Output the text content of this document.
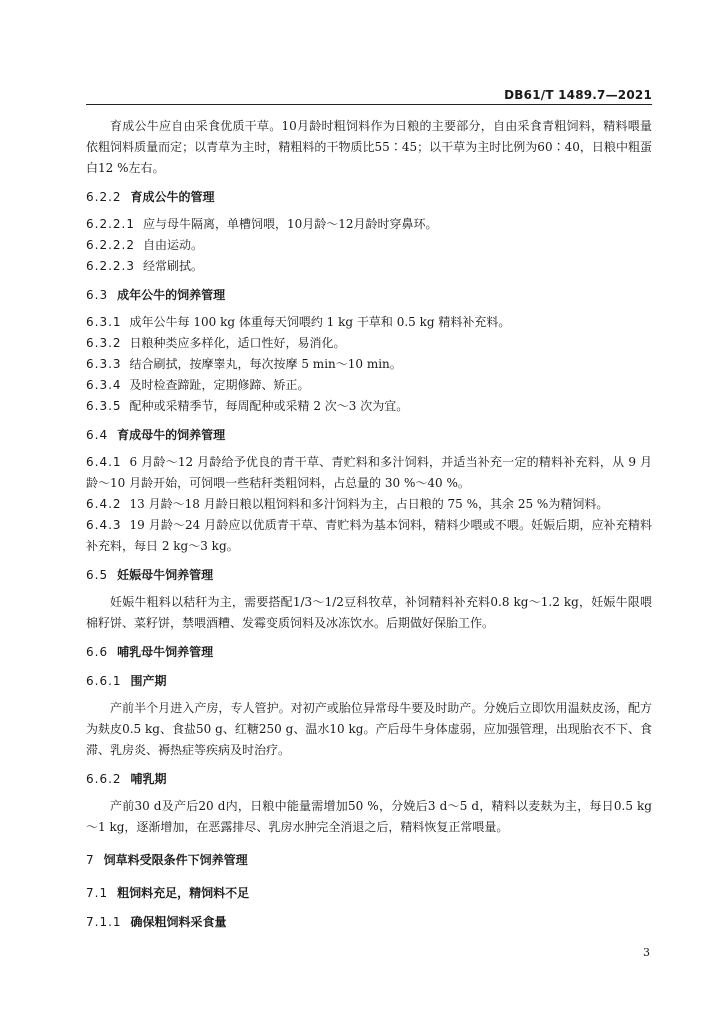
DB61/T 1489.7—2021

育成公牛应自由采食优质干草。10月龄时粗饲料作为日粮的主要部分，自由采食青粗饲料，精料喂量依粗饲料质量而定；以青草为主时，精粗料的干物质比55∶45；以干草为主时比例为60∶40，日粮中粗蛋白12 %左右。

6.2.2 育成公牛的管理
6.2.2.1 应与母牛隔离，单槽饲喂，10月龄～12月龄时穿鼻环。
6.2.2.2 自由运动。
6.2.2.3 经常刷拭。
6.3 成年公牛的饲养管理
6.3.1 成年公牛每 100 kg 体重每天饲喂约 1 kg 干草和 0.5 kg 精料补充料。
6.3.2 日粮种类应多样化，适口性好，易消化。
6.3.3 结合刷拭，按摩睾丸，每次按摩 5 min～10 min。
6.3.4 及时检查蹄趾，定期修蹄、矫正。
6.3.5 配种或采精季节，每周配种或采精 2 次～3 次为宜。
6.4 育成母牛的饲养管理
6.4.1 6 月龄～12 月龄给予优良的青干草、青贮料和多汁饲料，并适当补充一定的精料补充料，从 9 月龄～10 月龄开始，可饲喂一些秸秆类粗饲料，占总量的 30 %～40 %。
6.4.2 13 月龄～18 月龄日粮以粗饲料和多汁饲料为主，占日粮的 75 %，其余 25 %为精饲料。
6.4.3 19 月龄～24 月龄应以优质青干草、青贮料为基本饲料，精料少喂或不喂。妊娠后期，应补充精料补充料，每日 2 kg～3 kg。
6.5 妊娠母牛饲养管理

妊娠牛粗料以秸秆为主，需要搭配1/3～1/2豆科牧草，补饲精料补充料0.8 kg～1.2 kg，妊娠牛限喂棉籽饼、菜籽饼，禁喂酒糟、发霉变质饲料及冰冻饮水。后期做好保胎工作。

6.6 哺乳母牛饲养管理
6.6.1 围产期

产前半个月进入产房，专人管护。对初产或胎位异常母牛要及时助产。分娩后立即饮用温麸皮汤，配方为麸皮0.5 kg、食盐50 g、红糖250 g、温水10 kg。产后母牛身体虚弱，应加强管理，出现胎衣不下、食滞、乳房炎、褥热症等疾病及时治疗。

6.6.2 哺乳期

产前30 d及产后20 d内，日粮中能量需增加50 %，分娩后3 d～5 d，精料以麦麸为主，每日0.5 kg～1 kg，逐渐增加，在恶露排尽、乳房水肿完全消退之后，精料恢复正常喂量。

7 饲草料受限条件下饲养管理
7.1 粗饲料充足，精饲料不足
7.1.1 确保粗饲料采食量
3
